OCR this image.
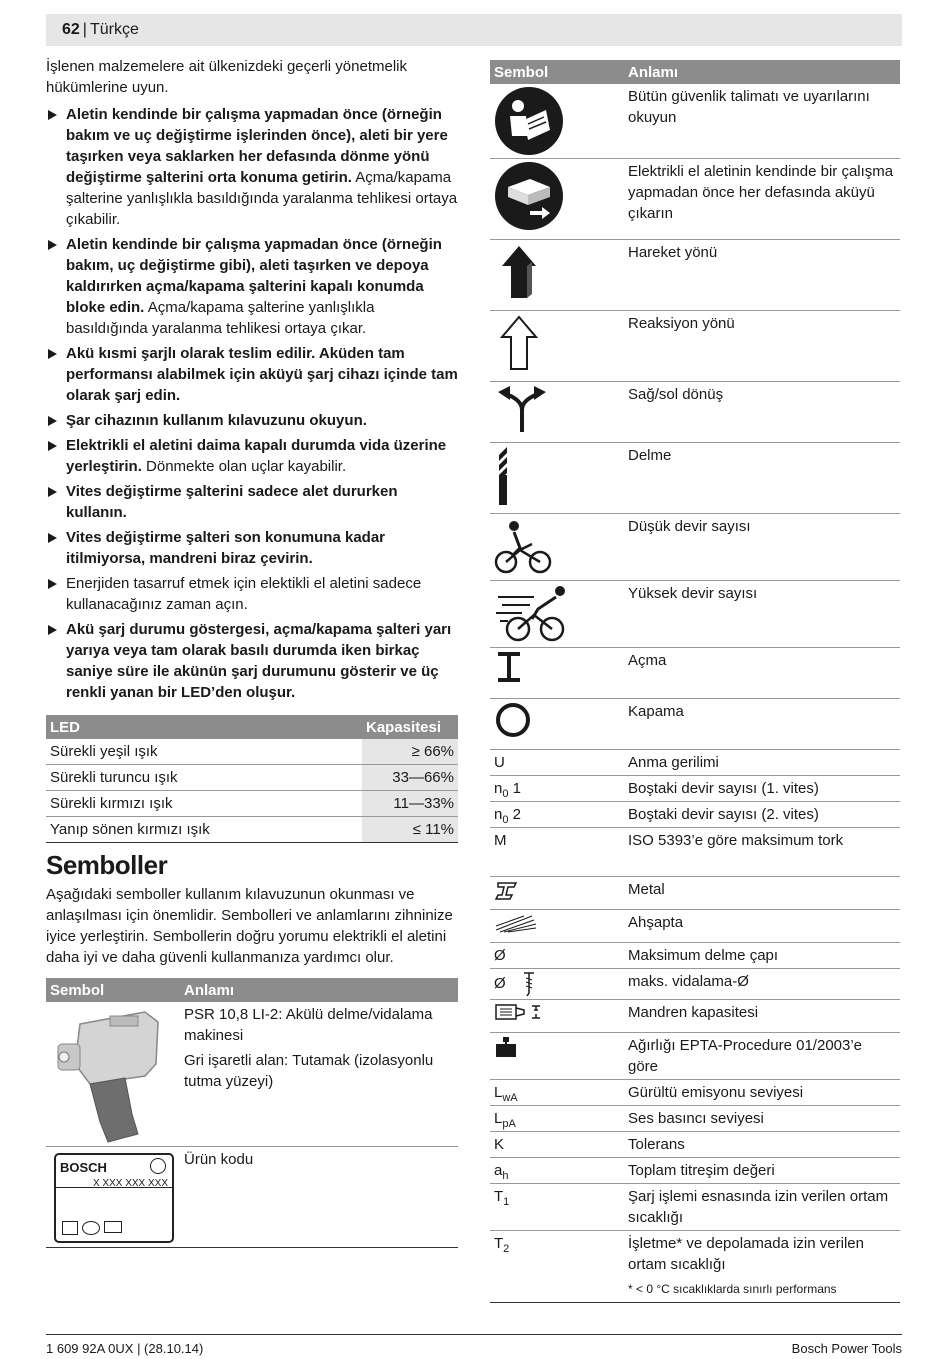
62 | Türkçe

İşlenen malzemelere ait ülkenizdeki geçerli yönetmelik hükümlerine uyun.

Aletin kendinde bir çalışma yapmadan önce (örneğin bakım ve uç değiştirme işlerinden önce), aleti bir yere taşırken veya saklarken her defasında dönme yönü değiştirme şalterini orta konuma getirin. Açma/kapama şalterine yanlışlıkla basıldığında yaralanma tehlikesi ortaya çıkabilir.
Aletin kendinde bir çalışma yapmadan önce (örneğin bakım, uç değiştirme gibi), aleti taşırken ve depoya kaldırırken açma/kapama şalterini kapalı konumda bloke edin. Açma/kapama şalterine yanlışlıkla basıldığında yaralanma tehlikesi ortaya çıkar.
Akü kısmi şarjlı olarak teslim edilir. Aküden tam performansı alabilmek için aküyü şarj cihazı içinde tam olarak şarj edin.
Şar cihazının kullanım kılavuzunu okuyun.
Elektrikli el aletini daima kapalı durumda vida üzerine yerleştirin. Dönmekte olan uçlar kayabilir.
Vites değiştirme şalterini sadece alet dururken kullanın.
Vites değiştirme şalteri son konumuna kadar itilmiyorsa, mandreni biraz çevirin.
Enerjiden tasarruf etmek için elektikli el aletini sadece kullanacağınız zaman açın.
Akü şarj durumu göstergesi, açma/kapama şalteri yarı yarıya veya tam olarak basılı durumda iken birkaç saniye süre ile akünün şarj durumunu gösterir ve üç renkli yanan bir LED’den oluşur.
LED	Kapasitesi
Sürekli yeşil ışık	≥ 66%
Sürekli turuncu ışık	33—66%
Sürekli kırmızı ışık	11—33%
Yanıp sönen kırmızı ışık	≤ 11%
Semboller

Aşağıdaki semboller kullanım kılavuzunun okunması ve anlaşılması için önemlidir. Sembolleri ve anlamlarını zihninize iyice yerleştirin. Sembollerin doğru yorumu elektrikli el aletini daha iyi ve daha güvenli kullanmanıza yardımcı olur.

Sembol	Anlamı

PSR 10,8 LI-2: Akülü delme/vidalama makinesi
Gri işaretli alan: Tutamak (izolasyonlu tutma yüzeyi)

BOSCH
X XXX XXX XXX	Ürün kodu
Sembol	Anlamı

	Bütün güvenlik talimatı ve uyarılarını okuyun

	Elektrikli el aletinin kendinde bir çalışma yapmadan önce her defasında aküyü çıkarın

	Hareket yönü

	Reaksiyon yönü

	Sağ/sol dönüş

	Delme

	Düşük devir sayısı

	Yüksek devir sayısı

	Açma

	Kapama
U	Anma gerilimi
$n_0$ 1	Boştaki devir sayısı (1. vites)
$n_0$ 2	Boştaki devir sayısı (2. vites)
M	ISO 5393’e göre maksimum tork

Metal

Ahşapta

Ø	Maksimum delme çapı

Ø	maks. vidalama-Ø

Mandren kapasitesi

Ağırlığı EPTA-Procedure 01/2003’e göre

$L_{wA}$	Gürültü emisyonu seviyesi

$L_{pA}$	Ses basıncı seviyesi

K	Tolerans

$a_h$	Toplam titreşim değeri

$T_1$	Şarj işlemi esnasında izin verilen ortam sıcaklığı

$T_2$	İşletme* ve depolamada izin verilen ortam sıcaklığı
* < 0 °C sıcaklıklarda sınırlı performans
1 609 92A 0UX | (28.10.14)	Bosch Power Tools
